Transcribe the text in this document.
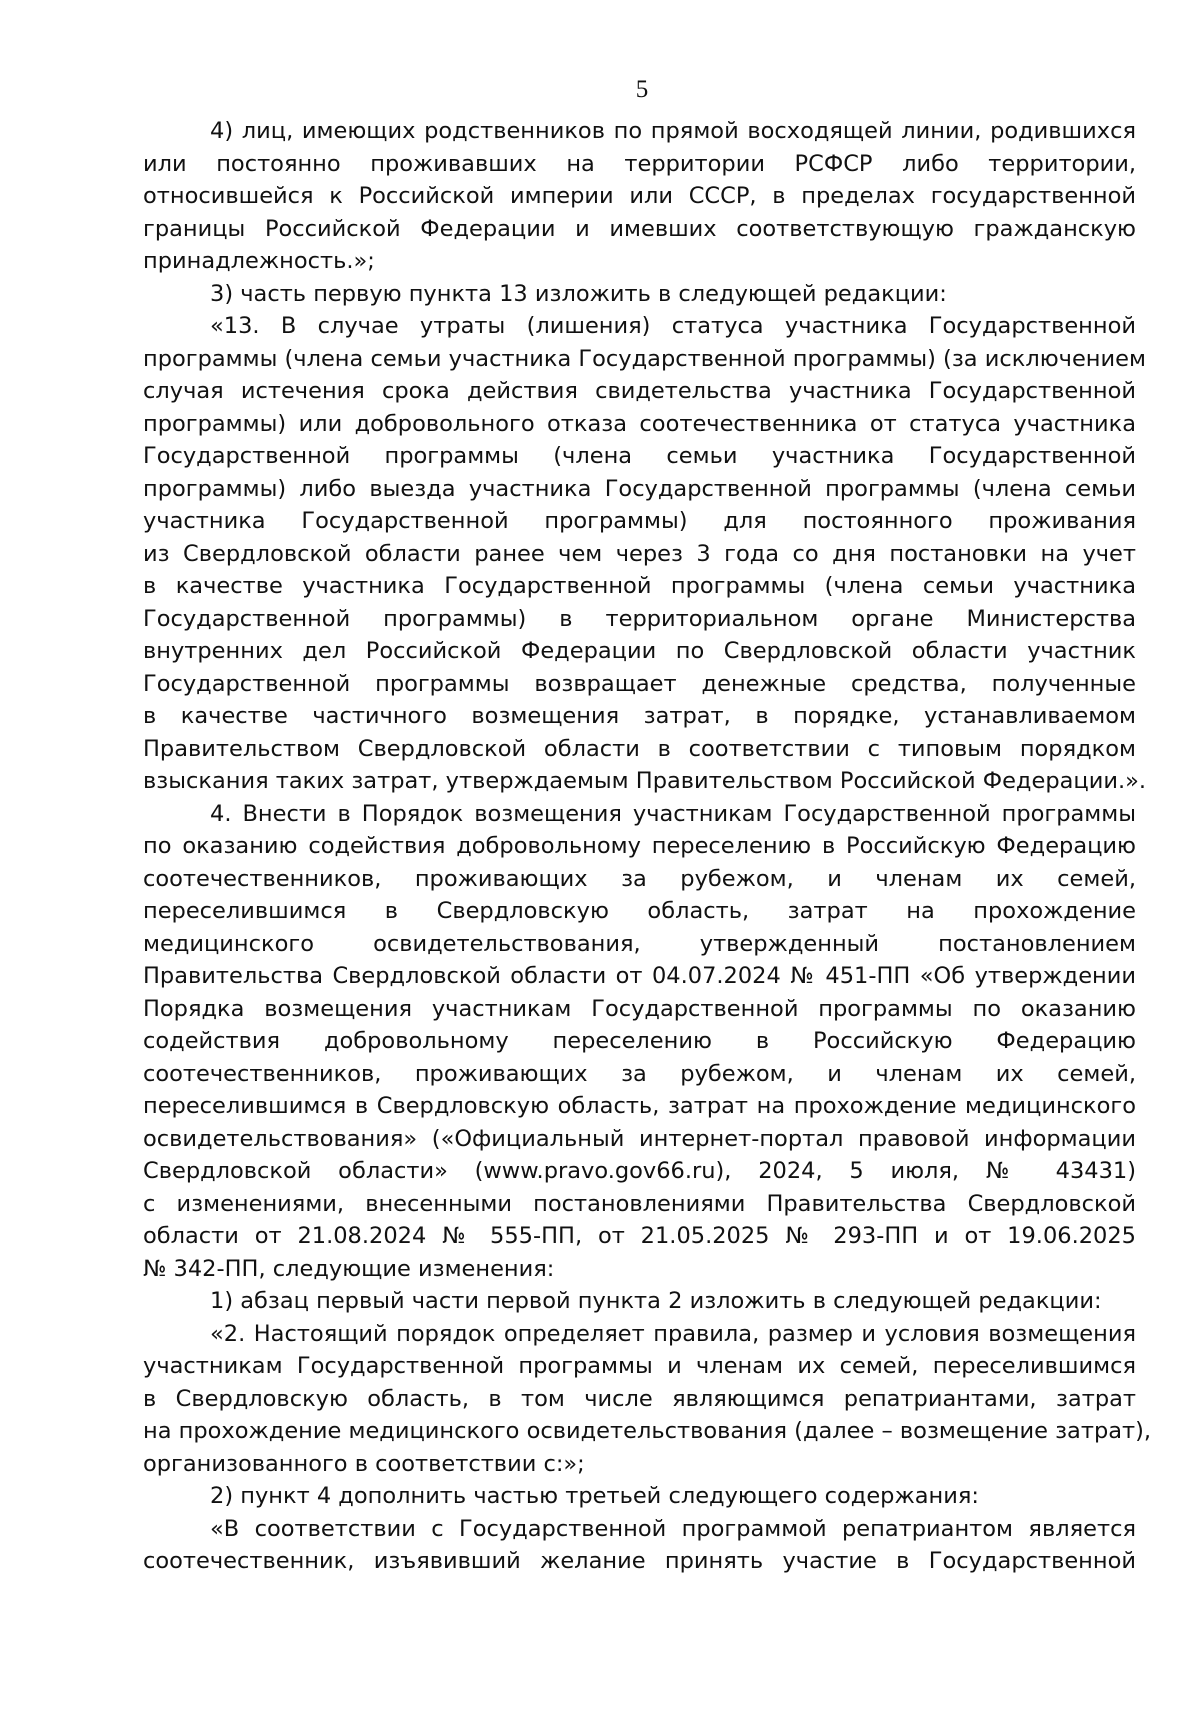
5
4) лиц, имеющих родственников по прямой восходящей линии, родившихся
или постоянно проживавших на территории РСФСР либо территории,
относившейся к Российской империи или СССР, в пределах государственной
границы Российской Федерации и имевших соответствующую гражданскую
принадлежность.»;
3) часть первую пункта 13 изложить в следующей редакции:
«13. В случае утраты (лишения) статуса участника Государственной
программы (члена семьи участника Государственной программы) (за исключением
случая истечения срока действия свидетельства участника Государственной
программы) или добровольного отказа соотечественника от статуса участника
Государственной программы (члена семьи участника Государственной
программы) либо выезда участника Государственной программы (члена семьи
участника Государственной программы) для постоянного проживания
из Свердловской области ранее чем через 3 года со дня постановки на учет
в качестве участника Государственной программы (члена семьи участника
Государственной программы) в территориальном органе Министерства
внутренних дел Российской Федерации по Свердловской области участник
Государственной программы возвращает денежные средства, полученные
в качестве частичного возмещения затрат, в порядке, устанавливаемом
Правительством Свердловской области в соответствии с типовым порядком
взыскания таких затрат, утверждаемым Правительством Российской Федерации.».
4. Внести в Порядок возмещения участникам Государственной программы
по оказанию содействия добровольному переселению в Российскую Федерацию
соотечественников, проживающих за рубежом, и членам их семей,
переселившимся в Свердловскую область, затрат на прохождение
медицинского освидетельствования, утвержденный постановлением
Правительства Свердловской области от 04.07.2024 № 451-ПП «Об утверждении
Порядка возмещения участникам Государственной программы по оказанию
содействия добровольному переселению в Российскую Федерацию
соотечественников, проживающих за рубежом, и членам их семей,
переселившимся в Свердловскую область, затрат на прохождение медицинского
освидетельствования» («Официальный интернет-портал правовой информации
Свердловской области» (www.pravo.gov66.ru), 2024, 5 июля, № 43431)
с изменениями, внесенными постановлениями Правительства Свердловской
области от 21.08.2024 № 555-ПП, от 21.05.2025 № 293-ПП и от 19.06.2025
№ 342-ПП, следующие изменения:
1) абзац первый части первой пункта 2 изложить в следующей редакции:
«2. Настоящий порядок определяет правила, размер и условия возмещения
участникам Государственной программы и членам их семей, переселившимся
в Свердловскую область, в том числе являющимся репатриантами, затрат
на прохождение медицинского освидетельствования (далее – возмещение затрат),
организованного в соответствии с:»;
2) пункт 4 дополнить частью третьей следующего содержания:
«В соответствии с Государственной программой репатриантом является
соотечественник, изъявивший желание принять участие в Государственной
